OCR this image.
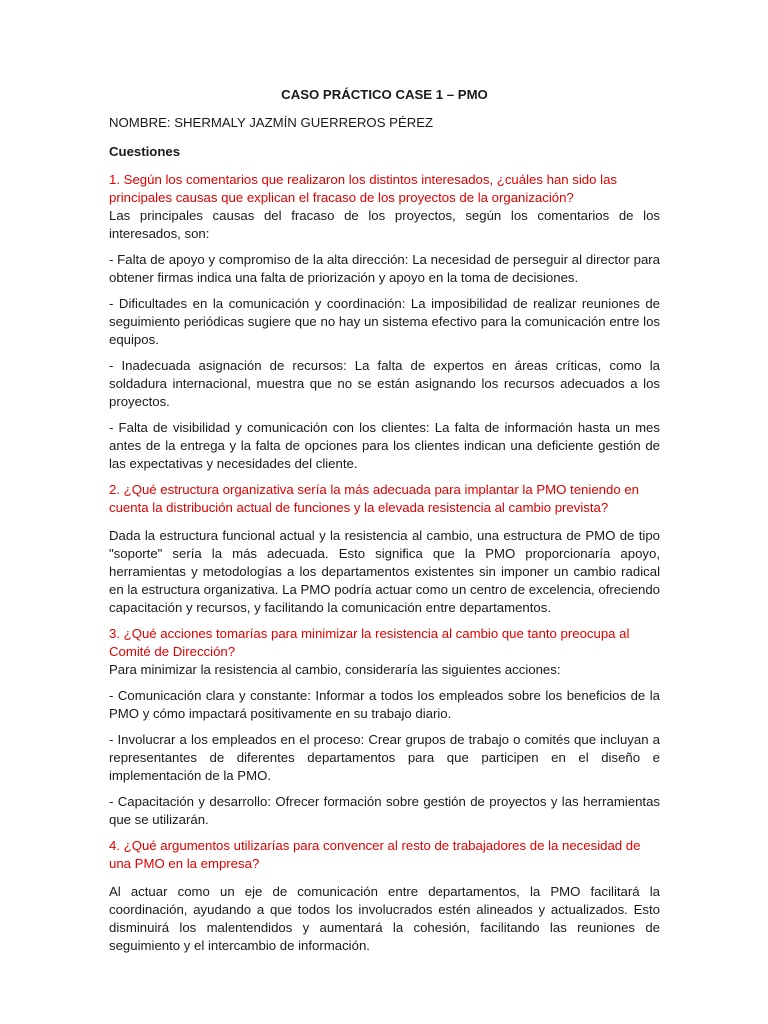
CASO PRÁCTICO CASE 1 – PMO
NOMBRE: SHERMALY JAZMÍN GUERREROS PÉREZ
Cuestiones

1. Según los comentarios que realizaron los distintos interesados, ¿cuáles han sido las principales causas que explican el fracaso de los proyectos de la organización?

Las principales causas del fracaso de los proyectos, según los comentarios de los interesados, son:

- Falta de apoyo y compromiso de la alta dirección: La necesidad de perseguir al director para obtener firmas indica una falta de priorización y apoyo en la toma de decisiones.

- Dificultades en la comunicación y coordinación: La imposibilidad de realizar reuniones de seguimiento periódicas sugiere que no hay un sistema efectivo para la comunicación entre los equipos.

- Inadecuada asignación de recursos: La falta de expertos en áreas críticas, como la soldadura internacional, muestra que no se están asignando los recursos adecuados a los proyectos.

- Falta de visibilidad y comunicación con los clientes: La falta de información hasta un mes antes de la entrega y la falta de opciones para los clientes indican una deficiente gestión de las expectativas y necesidades del cliente.

2. ¿Qué estructura organizativa sería la más adecuada para implantar la PMO teniendo en cuenta la distribución actual de funciones y la elevada resistencia al cambio prevista?

Dada la estructura funcional actual y la resistencia al cambio, una estructura de PMO de tipo "soporte" sería la más adecuada. Esto significa que la PMO proporcionaría apoyo, herramientas y metodologías a los departamentos existentes sin imponer un cambio radical en la estructura organizativa. La PMO podría actuar como un centro de excelencia, ofreciendo capacitación y recursos, y facilitando la comunicación entre departamentos.

3. ¿Qué acciones tomarías para minimizar la resistencia al cambio que tanto preocupa al Comité de Dirección?

Para minimizar la resistencia al cambio, consideraría las siguientes acciones:

- Comunicación clara y constante: Informar a todos los empleados sobre los beneficios de la PMO y cómo impactará positivamente en su trabajo diario.

- Involucrar a los empleados en el proceso: Crear grupos de trabajo o comités que incluyan a representantes de diferentes departamentos para que participen en el diseño e implementación de la PMO.

- Capacitación y desarrollo: Ofrecer formación sobre gestión de proyectos y las herramientas que se utilizarán.

4. ¿Qué argumentos utilizarías para convencer al resto de trabajadores de la necesidad de una PMO en la empresa?

Al actuar como un eje de comunicación entre departamentos, la PMO facilitará la coordinación, ayudando a que todos los involucrados estén alineados y actualizados. Esto disminuirá los malentendidos y aumentará la cohesión, facilitando las reuniones de seguimiento y el intercambio de información.
